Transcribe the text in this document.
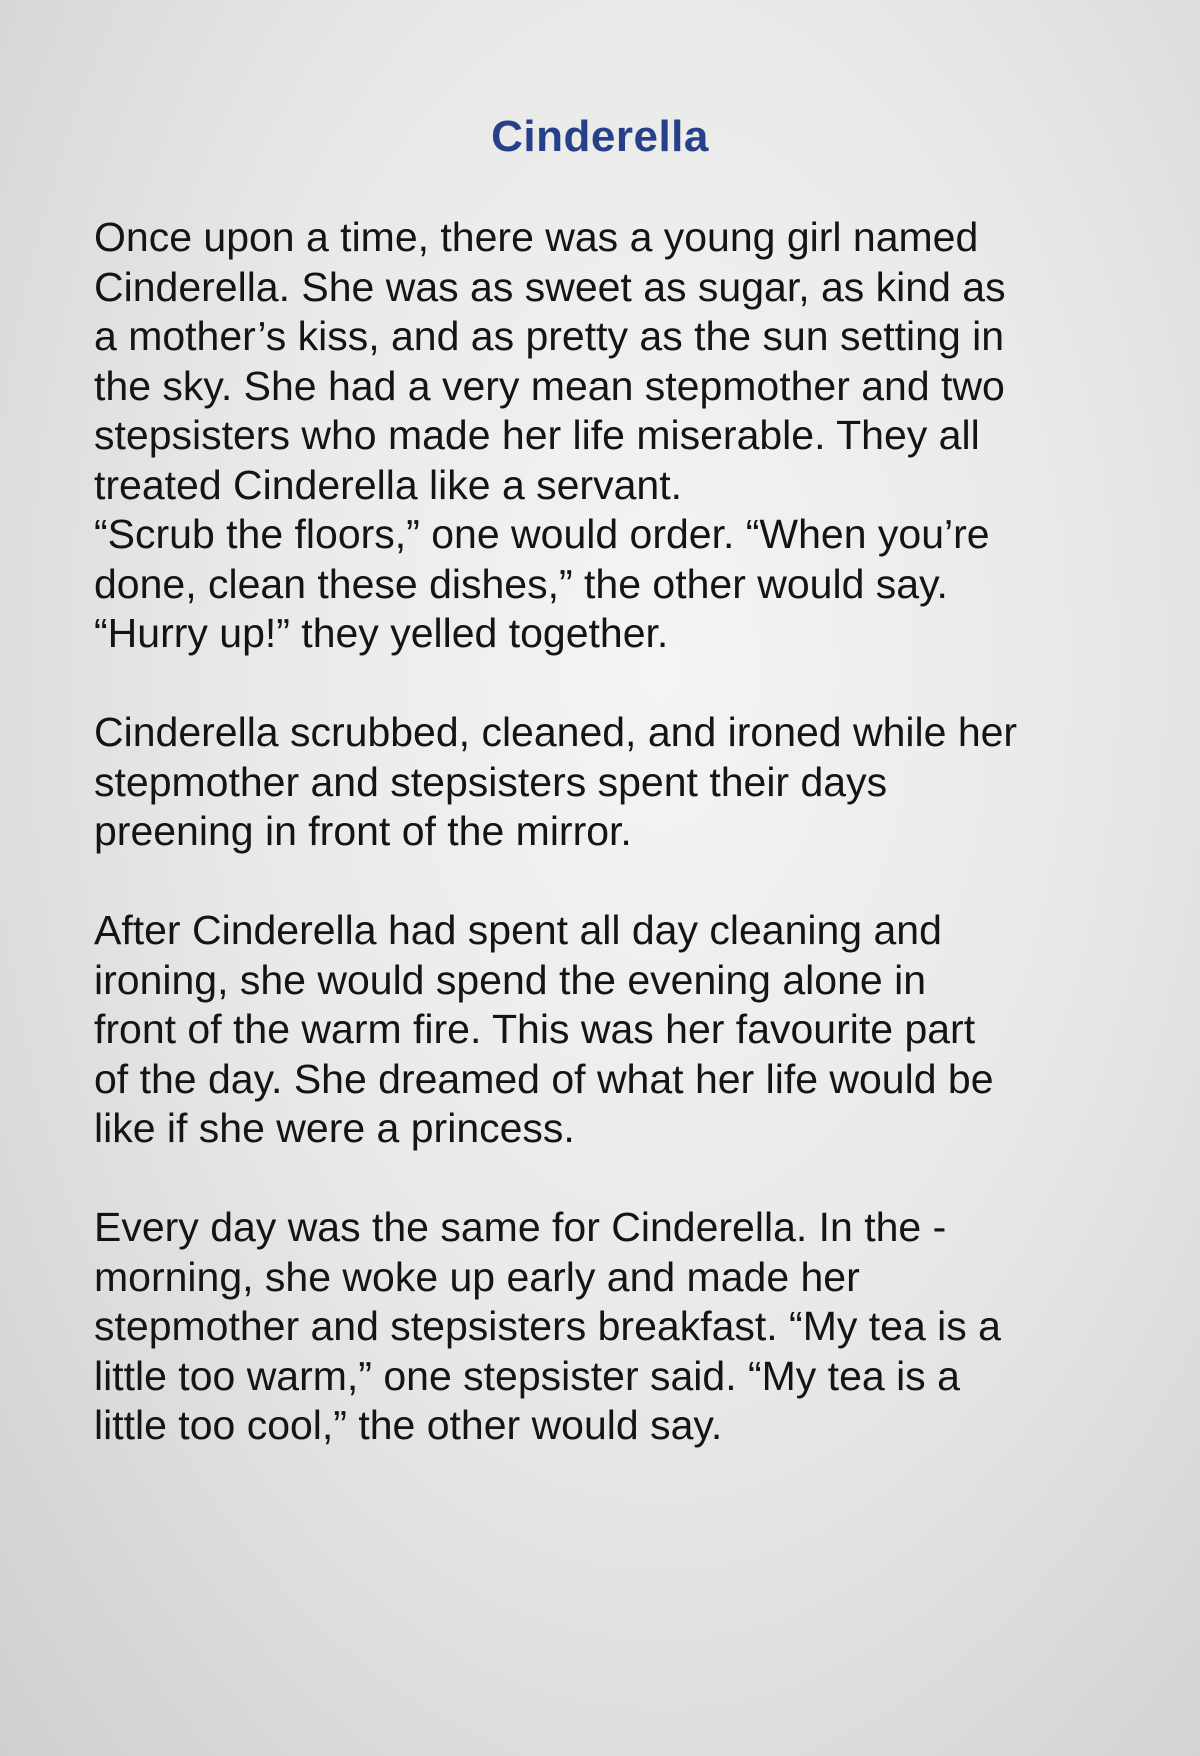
Cinderella
Once upon a time, there was a young girl named
Cinderella. She was as sweet as sugar, as kind as
a mother’s kiss, and as pretty as the sun setting in
the sky. She had a very mean stepmother and two
stepsisters who made her life miserable. They all
treated Cinderella like a servant.
“Scrub the floors,” one would order. “When you’re
done, clean these dishes,” the other would say.
“Hurry up!” they yelled together.
Cinderella scrubbed, cleaned, and ironed while her
stepmother and stepsisters spent their days
preening in front of the mirror.
After Cinderella had spent all day cleaning and
ironing, she would spend the evening alone in
front of the warm fire. This was her favourite part
of the day. She dreamed of what her life would be
like if she were a princess.
Every day was the same for Cinderella. In the -
morning, she woke up early and made her
stepmother and stepsisters breakfast. “My tea is a
little too warm,” one stepsister said. “My tea is a
little too cool,” the other would say.
